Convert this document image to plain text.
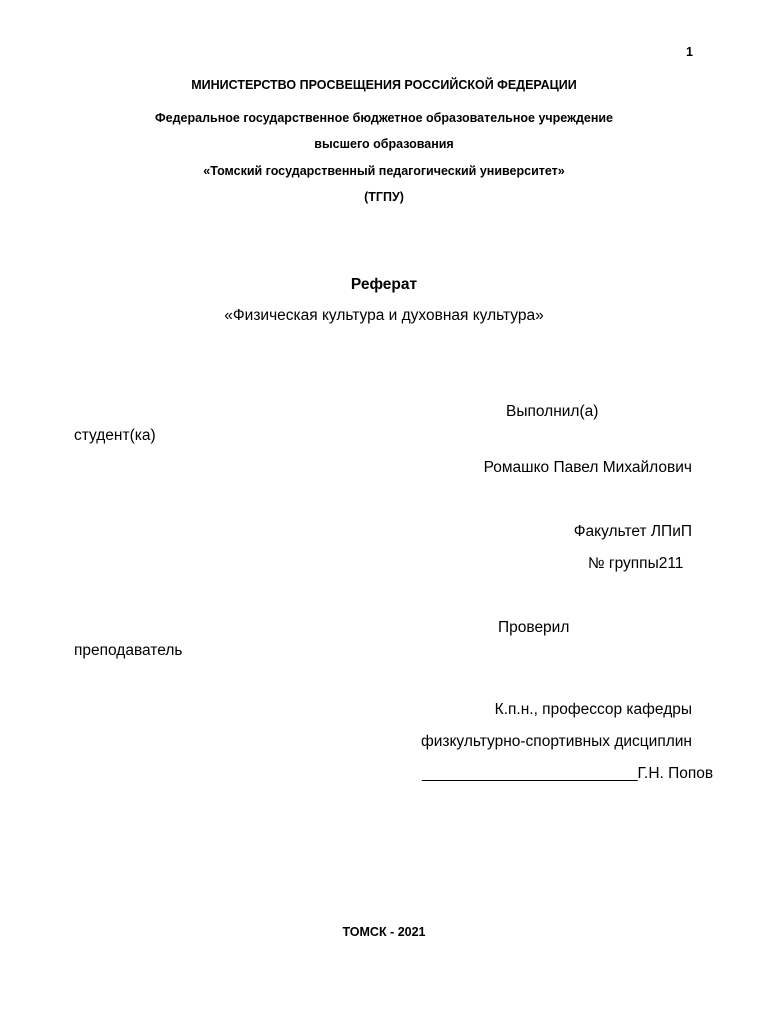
1
МИНИСТЕРСТВО ПРОСВЕЩЕНИЯ РОССИЙСКОЙ ФЕДЕРАЦИИ
Федеральное государственное бюджетное образовательное учреждение
высшего образования
«Томский государственный педагогический университет»
(ТГПУ)
Реферат
«Физическая культура и духовная культура»
Выполнил(а)
студент(ка)
Ромашко Павел Михайлович
Факультет ЛПиП
№ группы211
Проверил
преподаватель
К.п.н., профессор кафедры
физкультурно-спортивных дисциплин
_________________________Г.Н. Попов
ТОМСК - 2021
